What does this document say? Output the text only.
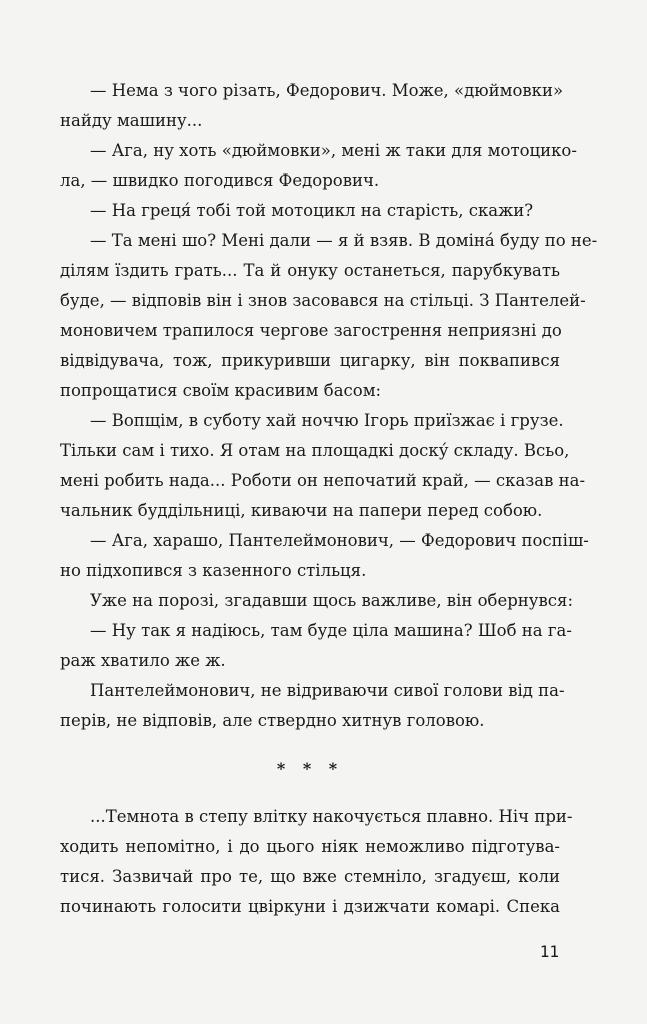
— Нема з чого різать, Федорович. Може, «дюймовки»
найду машину...
— Ага, ну хоть «дюймовки», мені ж таки для мотоцико-
ла, — швидко погодився Федорович.
— На греця́ тобі той мотоцикл на старість, скажи?
— Та мені шо? Мені дали — я й взяв. В доміна́ буду по не-
ділям їздить грать... Та й онуку останеться, парубкувать
буде, — відповів він і знов засовався на стільці. З Пантелей-
моновичем трапилося чергове загострення неприязні до
відвідувача, тож, прикуривши цигарку, він поквапився
попрощатися своїм красивим басом:
— Вопщім, в суботу хай ноччю Ігорь приїзжає і грузе.
Тільки сам і тихо. Я отам на площадкі доску́ складу. Всьо,
мені робить нада... Роботи он непочатий край, — сказав на-
чальник буддільниці, киваючи на папери перед собою.
— Ага, харашо, Пантелеймонович, — Федорович поспіш-
но підхопився з казенного стільця.
Уже на порозі, згадавши щось важливе, він обернувся:
— Ну так я надіюсь, там буде ціла машина? Шоб на га-
раж хватило же ж.
Пантелеймонович, не відриваючи сивої голови від па-
перів, не відповів, але ствердно хитнув головою.
* * *
...Темнота в степу влітку накочується плавно. Ніч при-
ходить непомітно, і до цього ніяк неможливо підготува-
тися. Зазвичай про те, що вже стемніло, згадуєш, коли
починають голосити цвіркуни і дзижчати комарі. Спека
11
